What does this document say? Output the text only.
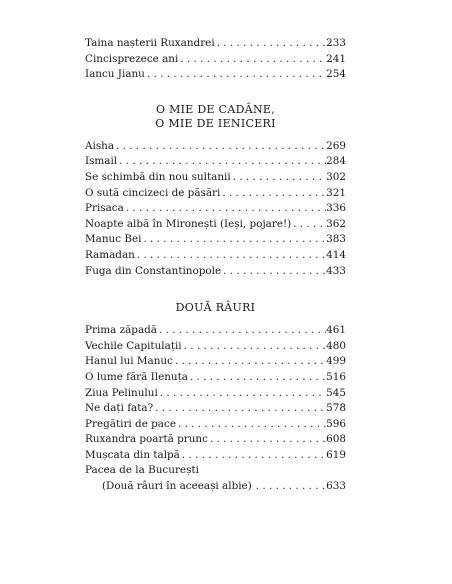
Taina nașterii Ruxandrei . . .	233
Cincisprezece ani . . .	241
Iancu Jianu . . .	254
O MIE DE CADÂNE,
O MIE DE IENICERI
Aisha . . .	269
Ismail . . .	284
Se schimbă din nou sultanii . . .	302
O sută cincizeci de păsări . . .	321
Prisaca . . .	336
Noapte albă în Mironești (Ieși, pojare!) . . .	362
Manuc Bei . . .	383
Ramadan . . .	414
Fuga din Constantinopole . . .	433
DOUĂ RÂURI
Prima zăpadă . . .	461
Vechile Capitulații . . .	480
Hanul lui Manuc . . .	499
O lume fără Ilenuța . . .	516
Ziua Pelinului . . .	545
Ne dați fata? . . .	578
Pregătiri de pace . . .	596
Ruxandra poartă prunc . . .	608
Mușcata din talpă . . .	619
Pacea de la București
(Două râuri în aceeași albie) . . .	633
